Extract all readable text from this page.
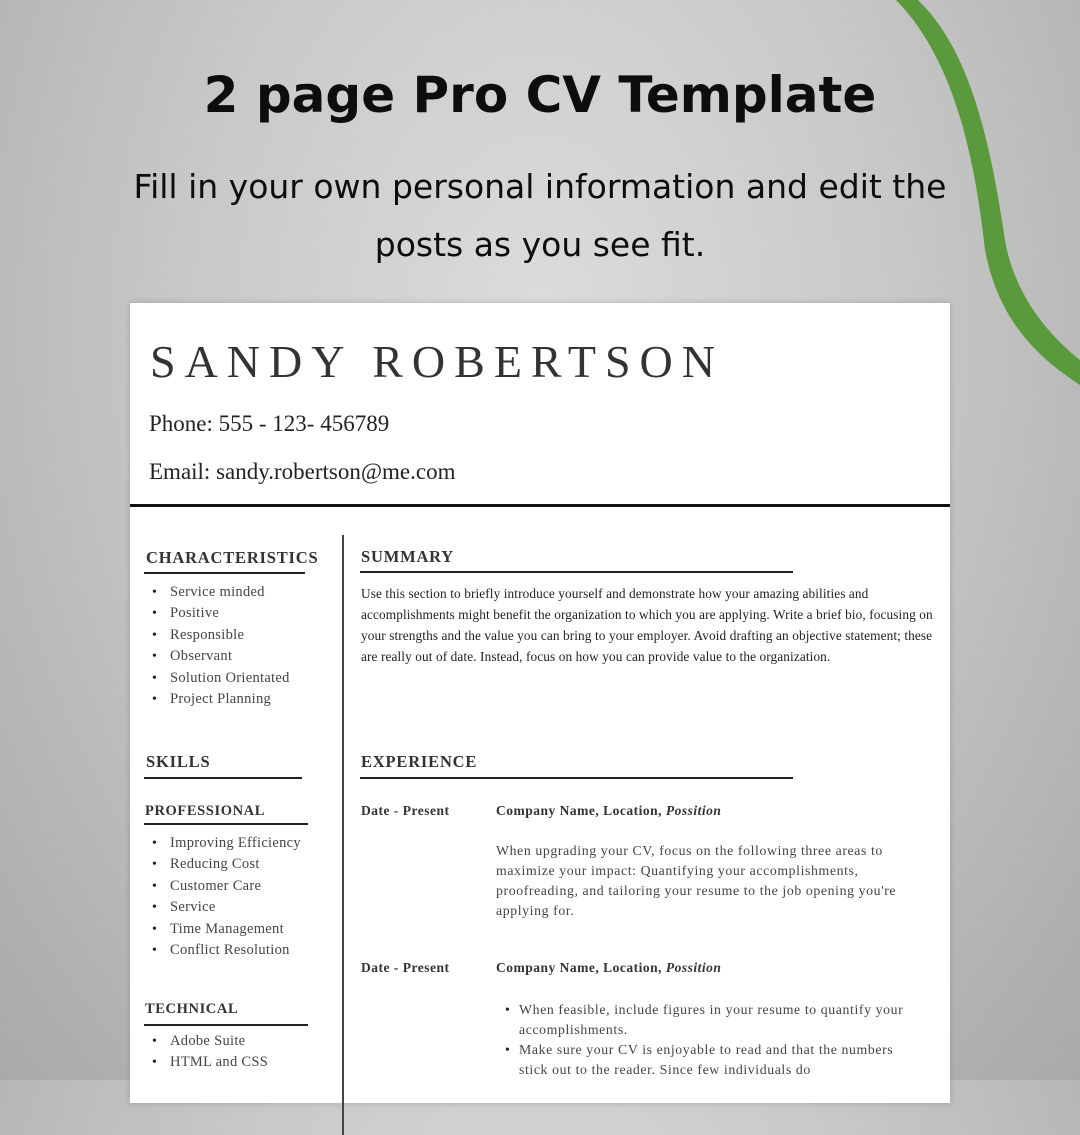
2 page Pro CV Template
Fill in your own personal information and edit the posts as you see fit.
SANDY ROBERTSON
Phone: 555 - 123- 456789
Email: sandy.robertson@me.com
CHARACTERISTICS
• Service minded
• Positive
• Responsible
• Observant
• Solution Orientated
• Project Planning
SKILLS
PROFESSIONAL
• Improving Efficiency
• Reducing Cost
• Customer Care
• Service
• Time Management
• Conflict Resolution
TECHNICAL
• Adobe Suite
• HTML and CSS
SUMMARY
Use this section to briefly introduce yourself and demonstrate how your amazing abilities and accomplishments might benefit the organization to which you are applying. Write a brief bio, focusing on your strengths and the value you can bring to your employer. Avoid drafting an objective statement; these are really out of date. Instead, focus on how you can provide value to the organization.
EXPERIENCE
Date - Present	Company Name, Location, Possition
When upgrading your CV, focus on the following three areas to maximize your impact: Quantifying your accomplishments, proofreading, and tailoring your resume to the job opening you're applying for.
Date - Present	Company Name, Location, Possition
• When feasible, include figures in your resume to quantify your accomplishments.
• Make sure your CV is enjoyable to read and that the numbers stick out to the reader. Since few individuals do
